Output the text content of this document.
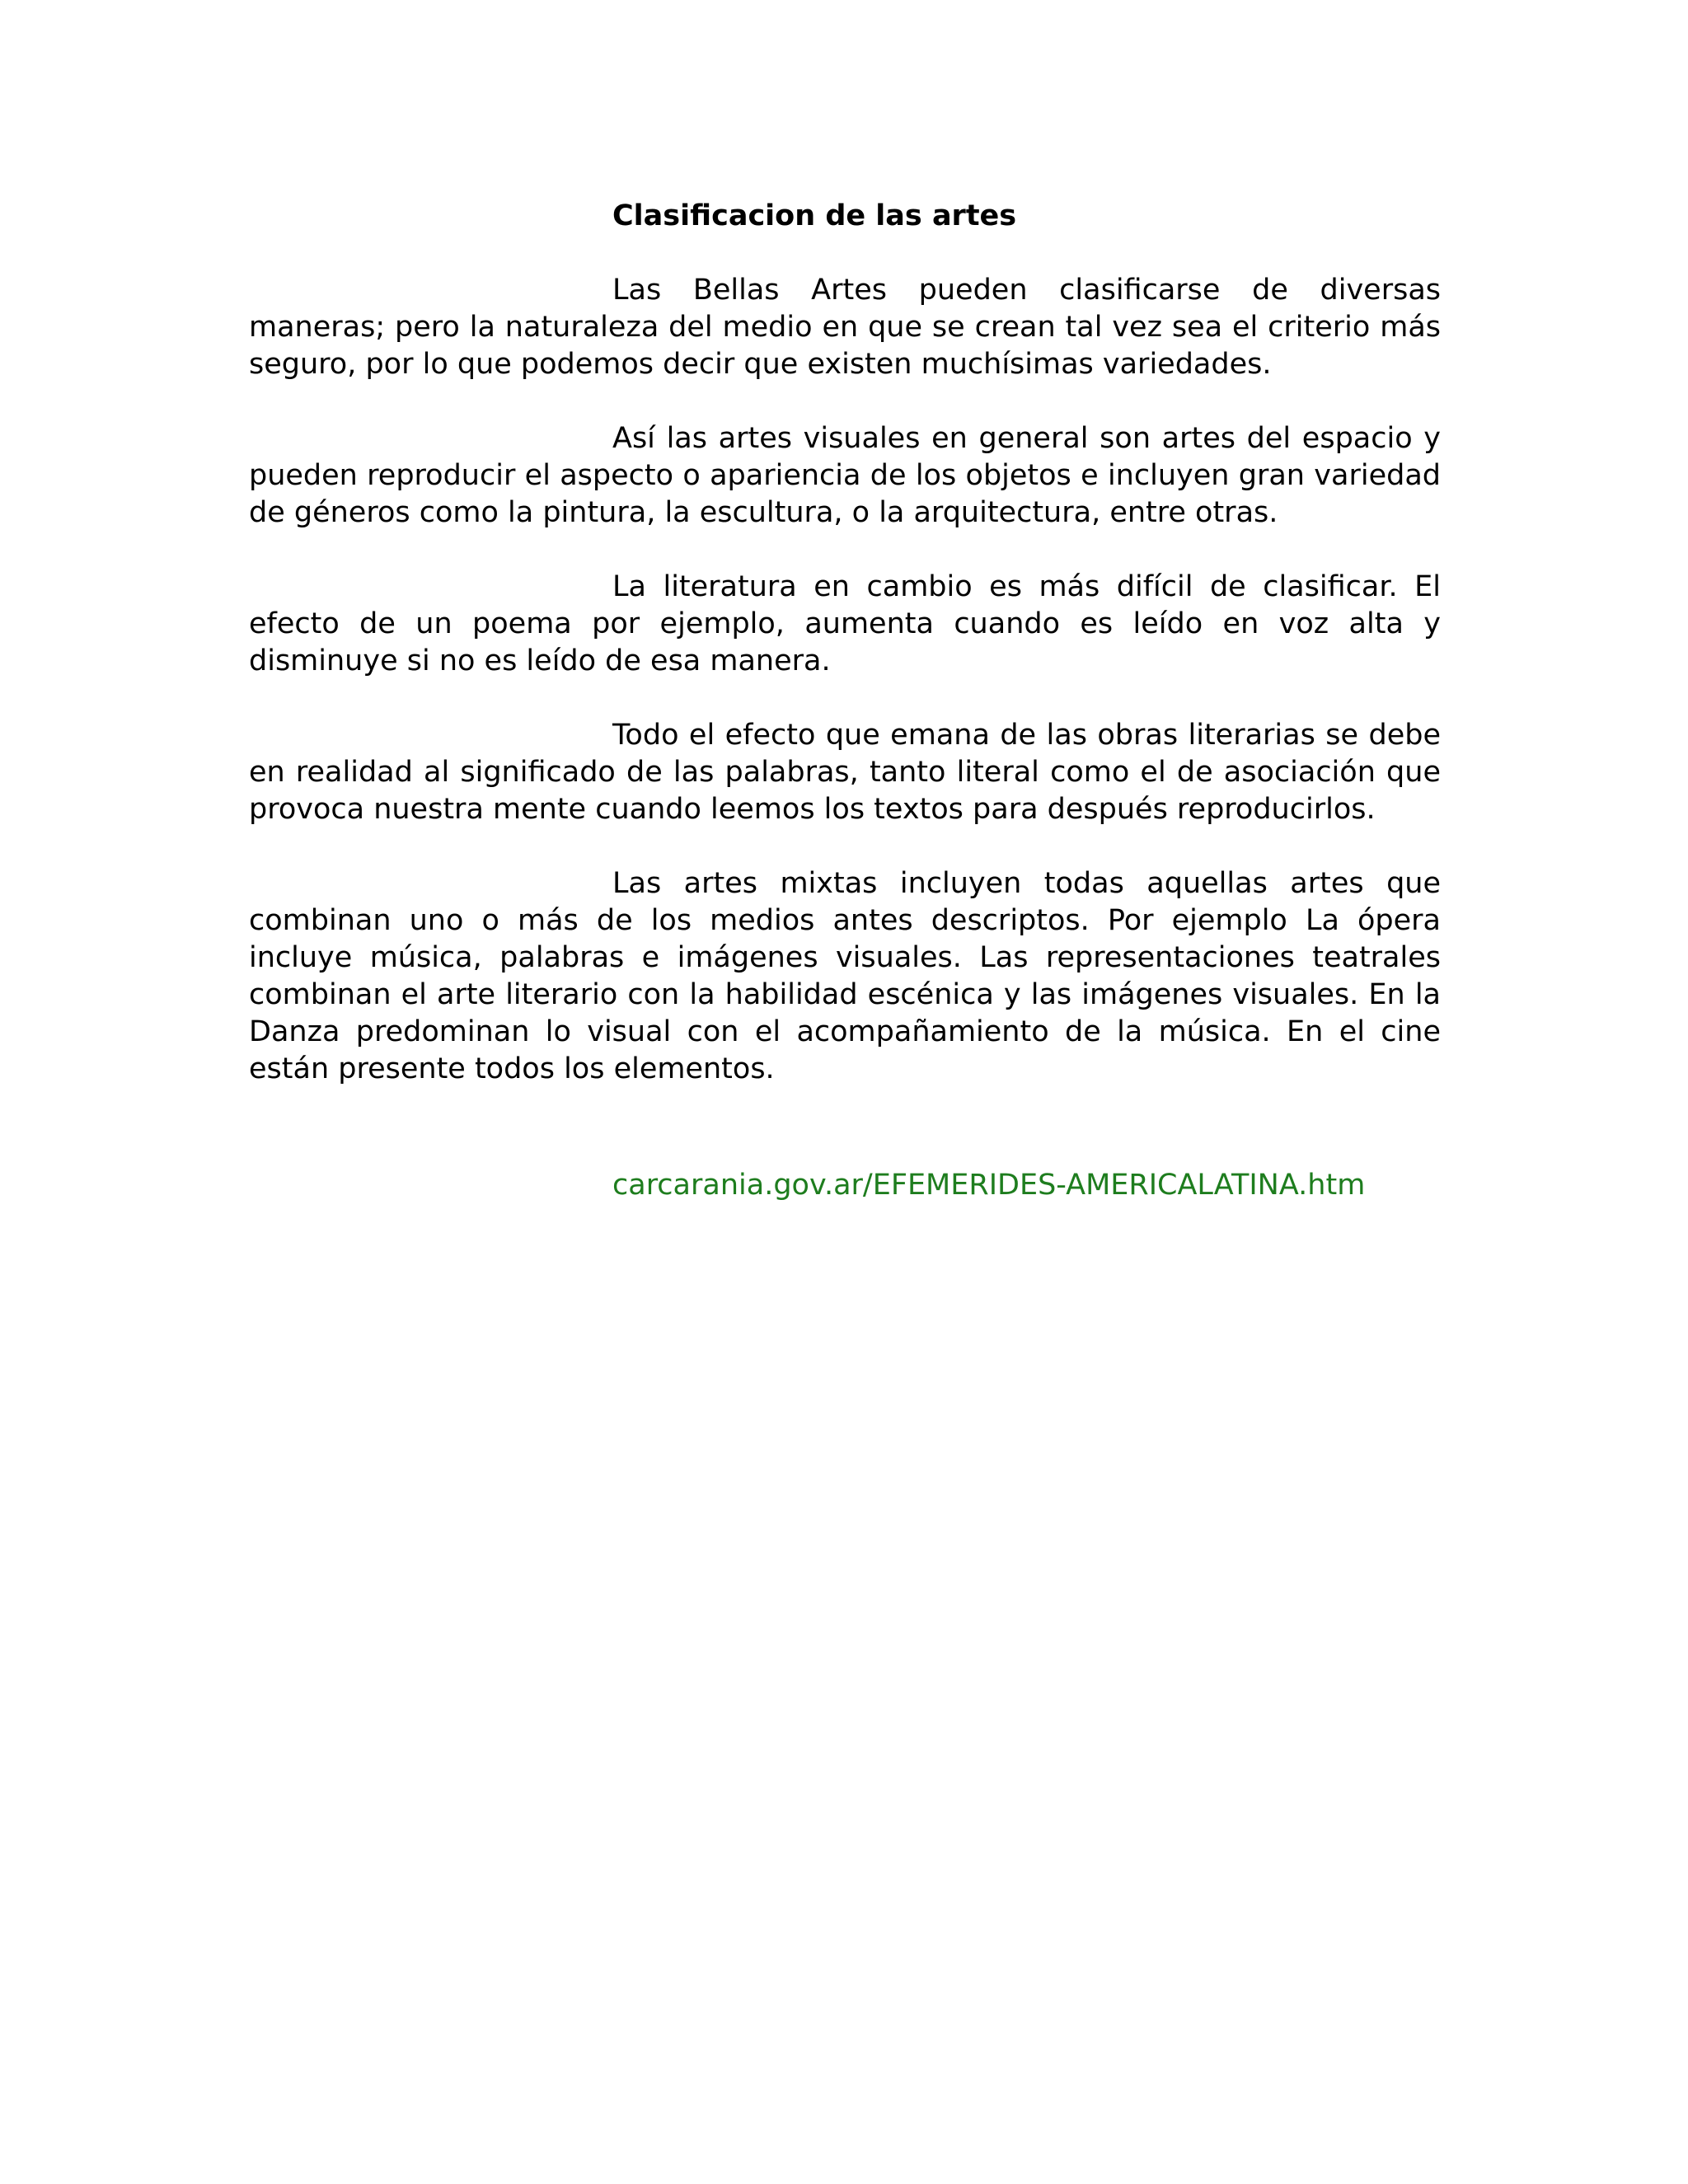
Clasificacion de las artes

Las Bellas Artes pueden clasificarse de diversas maneras; pero la naturaleza del medio en que se crean tal vez sea el criterio más seguro, por lo que podemos decir que existen muchísimas variedades.

Así las artes visuales en general son artes del espacio y pueden reproducir el aspecto o apariencia de los objetos e incluyen gran variedad de géneros como la pintura, la escultura, o la arquitectura, entre otras.

La literatura en cambio es más difícil de clasificar. El efecto de un poema por ejemplo, aumenta cuando es leído en voz alta y disminuye si no es leído de esa manera.

Todo el efecto que emana de las obras literarias se debe en realidad al significado de las palabras, tanto literal como el de asociación que provoca nuestra mente cuando leemos los textos para después reproducirlos.

Las artes mixtas incluyen todas aquellas artes que combinan uno o más de los medios antes descriptos. Por ejemplo La ópera incluye música, palabras e imágenes visuales. Las representaciones teatrales combinan el arte literario con la habilidad escénica y las imágenes visuales. En la Danza predominan lo visual con el acompañamiento de la música. En el cine están presente todos los elementos.

carcarania.gov.ar/EFEMERIDES-AMERICALATINA.htm
